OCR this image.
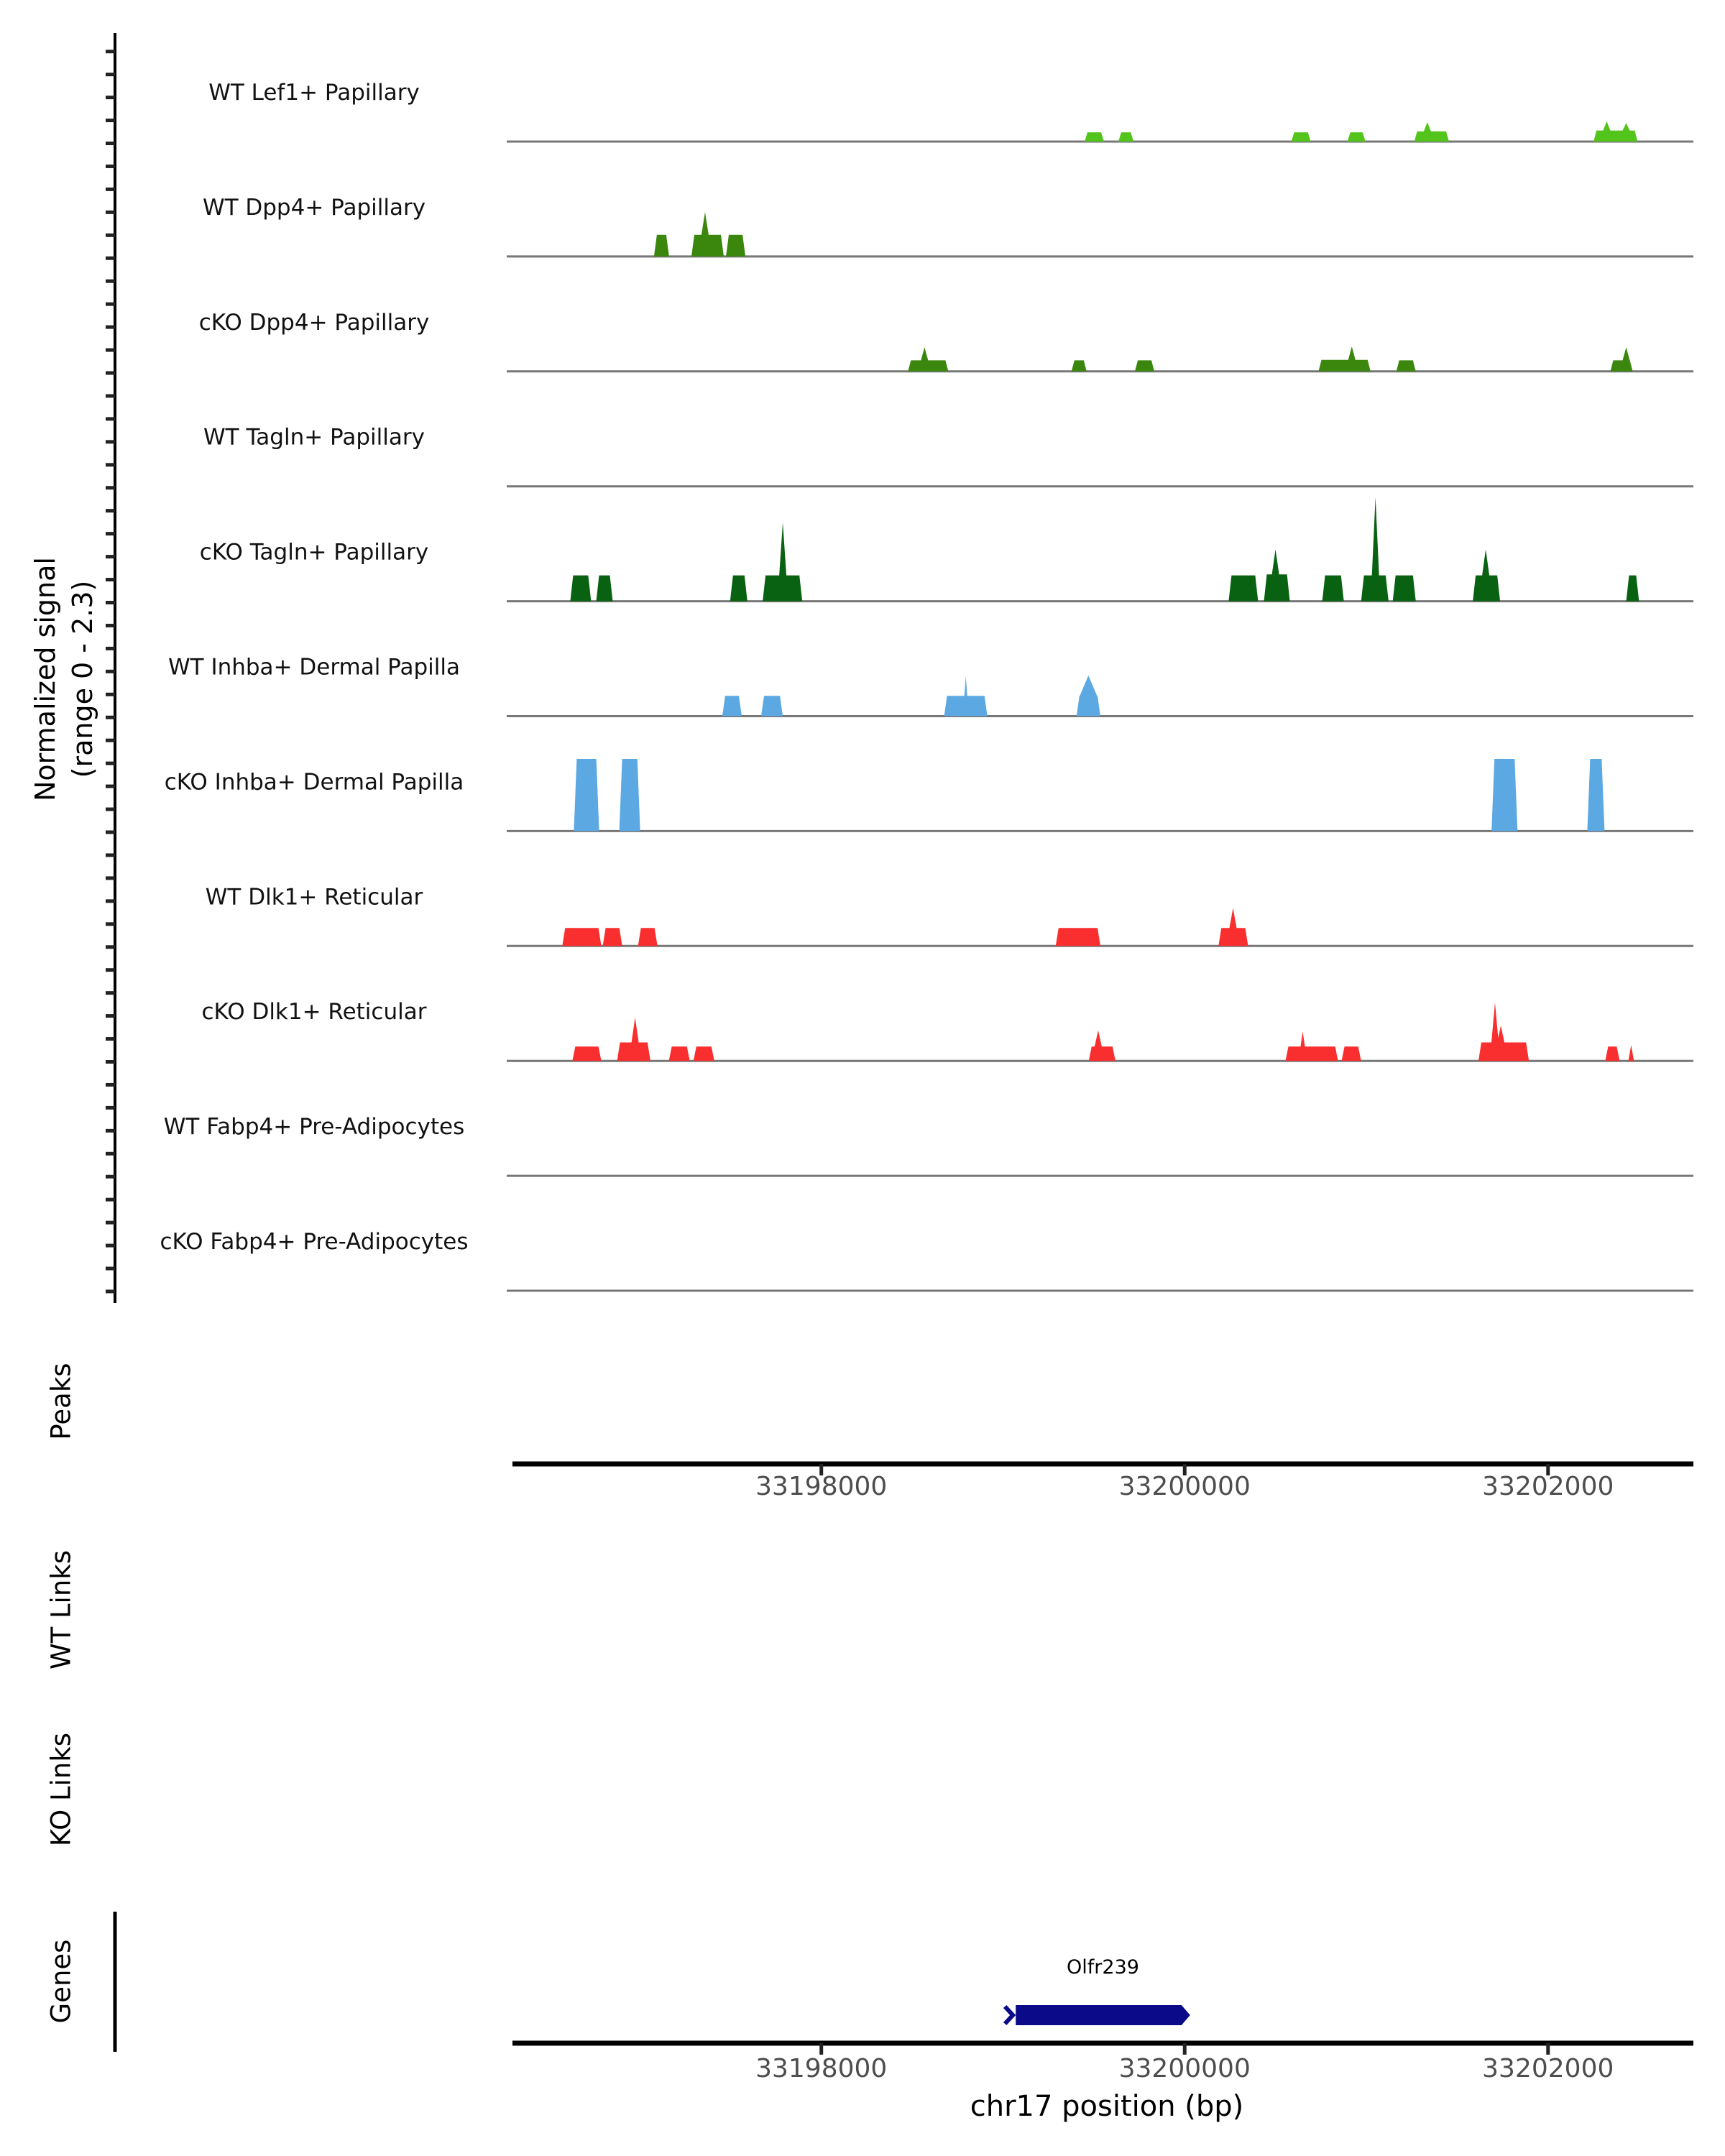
WT Lef1+ Papillary
WT Dpp4+ Papillary
cKO Dpp4+ Papillary
WT Tagln+ Papillary
cKO Tagln+ Papillary
WT Inhba+ Dermal Papilla
cKO Inhba+ Dermal Papilla
WT Dlk1+ Reticular
cKO Dlk1+ Reticular
WT Fabp4+ Pre-Adipocytes
cKO Fabp4+ Pre-Adipocytes
33198000	33200000	33202000
33198000	33200000	33202000
Olfr239
Normalized signal (range 0 - 2.3)
Peaks
WT Links
KO Links
Genes
chr17 position (bp)
